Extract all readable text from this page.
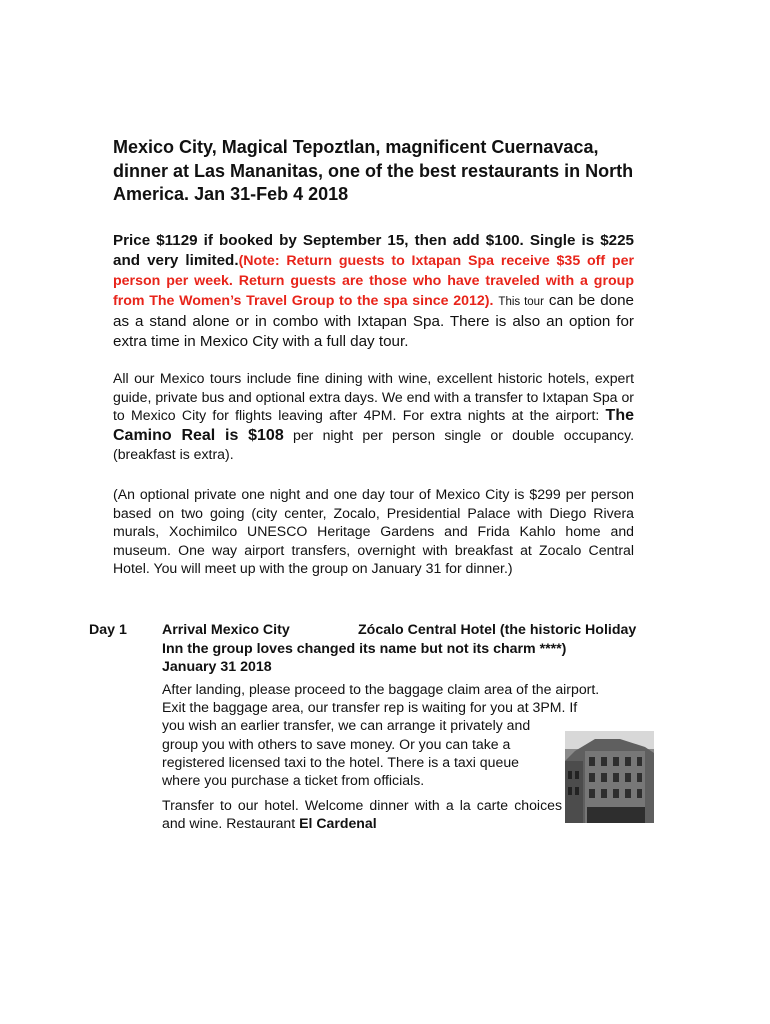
Mexico City, Magical Tepoztlan, magnificent Cuernavaca, dinner at Las Mananitas, one of the best restaurants in North America. Jan 31-Feb 4 2018
Price $1129 if booked by September 15, then add $100. Single is $225 and very limited.(Note: Return guests to Ixtapan Spa receive $35 off per person per week. Return guests are those who have traveled with a group from The Women’s Travel Group to the spa since 2012). This tour can be done as a stand alone or in combo with Ixtapan Spa. There is also an option for extra time in Mexico City with a full day tour.
All our Mexico tours include fine dining with wine, excellent historic hotels, expert guide, private bus and optional extra days. We end with a transfer to Ixtapan Spa or to Mexico City for flights leaving after 4PM. For extra nights at the airport: The Camino Real is $108 per night per person single or double occupancy. (breakfast is extra).
(An optional private one night and one day tour of Mexico City is $299 per person based on two going (city center, Zocalo, Presidential Palace with Diego Rivera murals, Xochimilco UNESCO Heritage Gardens and Frida Kahlo home and museum. One way airport transfers, overnight with breakfast at Zocalo Central Hotel. You will meet up with the group on January 31 for dinner.)
Day 1 Arrival Mexico City	Zócalo Central Hotel (the historic Holiday
Inn the group loves changed its name but not its charm ****)
January 31 2018
After landing, please proceed to the baggage claim area of the airport.
Exit the baggage area, our transfer rep is waiting for you at 3PM. If
you wish an earlier transfer, we can arrange it privately and
group you with others to save money. Or you can take a
registered licensed taxi to the hotel. There is a taxi queue
where you purchase a ticket from officials.
Transfer to our hotel. Welcome dinner with a la carte choices and wine. Restaurant El Cardenal
